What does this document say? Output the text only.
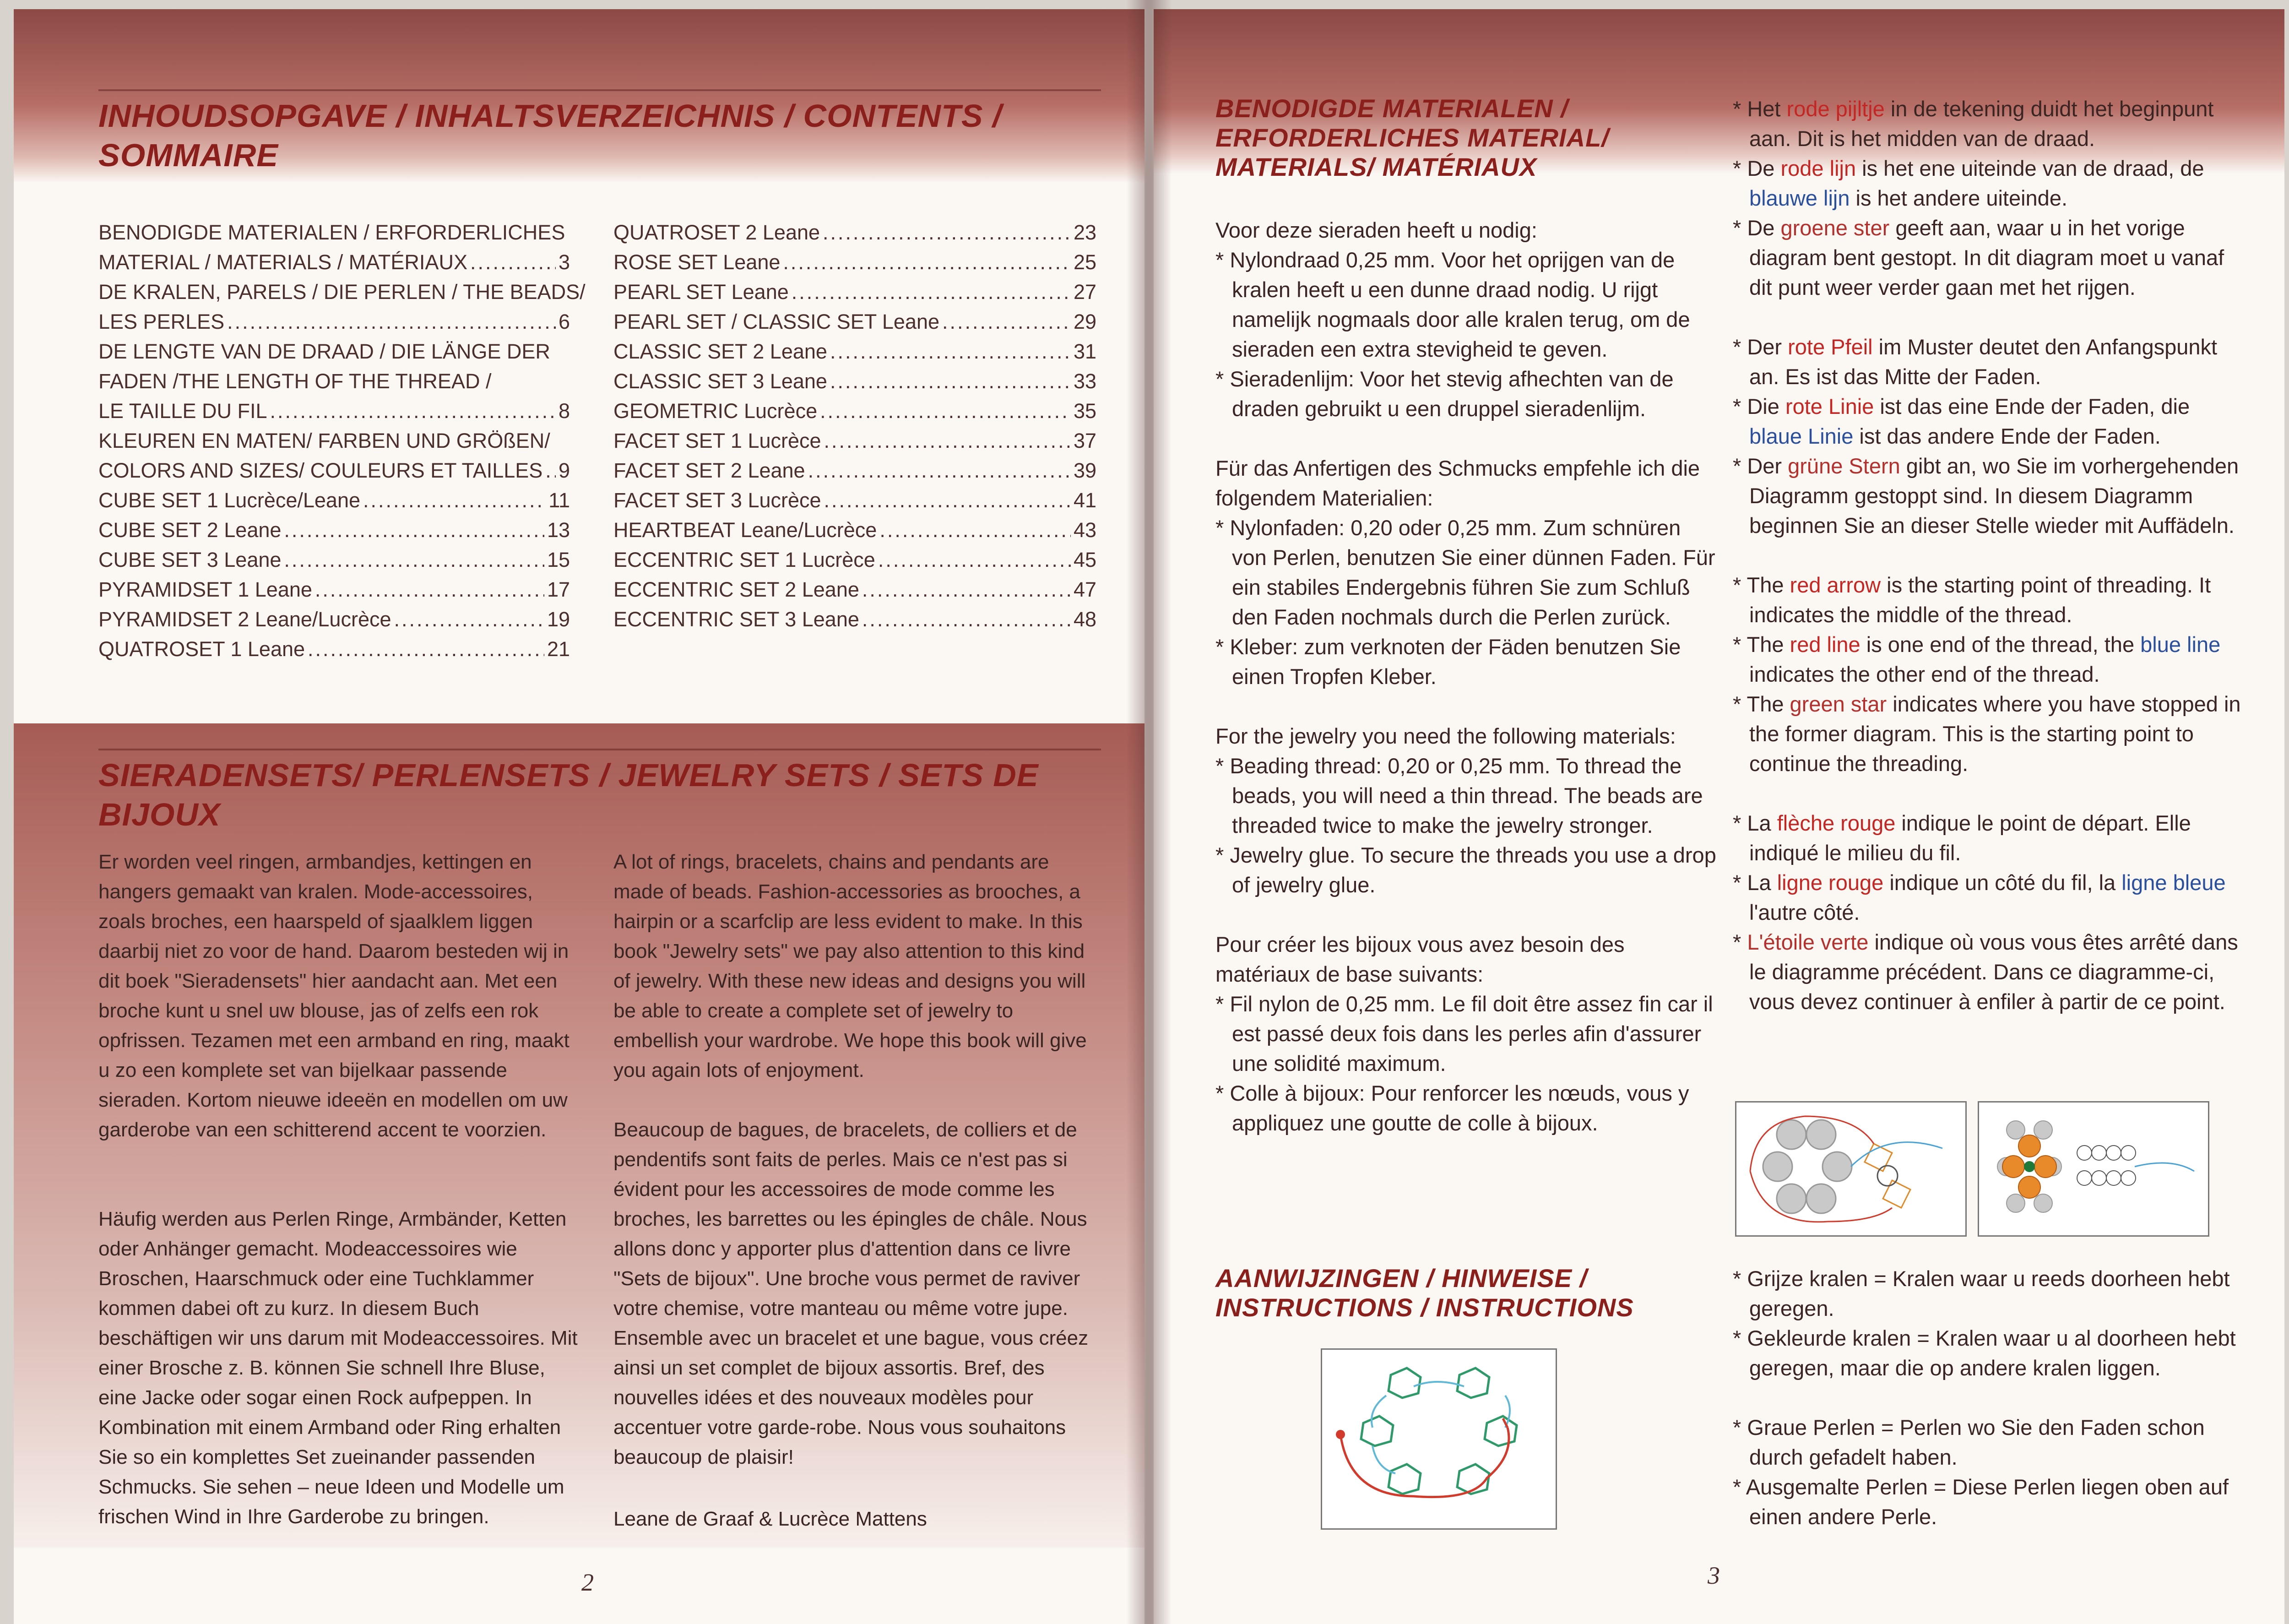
INHOUDSOPGAVE / INHALTSVERZEICHNIS / CONTENTS / SOMMAIRE
BENODIGDE MATERIALEN / ERFORDERLICHES
MATERIAL / MATERIALS / MATÉRIAUX .....	3
DE KRALEN, PARELS / DIE PERLEN / THE BEADS/
LES PERLES .....	6
DE LENGTE VAN DE DRAAD / DIE LÄNGE DER
FADEN /THE LENGTH OF THE THREAD /
LE TAILLE DU FIL .....	8
KLEUREN EN MATEN/ FARBEN UND GRÖßEN/
COLORS AND SIZES/ COULEURS ET TAILLES ..... 9
CUBE SET 1 Lucrèce/Leane .....	11
CUBE SET 2 Leane .....	13
CUBE SET 3 Leane .....	15
PYRAMIDSET 1 Leane .....	17
PYRAMIDSET 2 Leane/Lucrèce .....	19
QUATROSET 1 Leane .....	21
QUATROSET 2 Leane .....	23
ROSE SET Leane .....	25
PEARL SET Leane .....	27
PEARL SET / CLASSIC SET Leane .....	29
CLASSIC SET 2 Leane .....	31
CLASSIC SET 3 Leane .....	33
GEOMETRIC Lucrèce .....	35
FACET SET 1 Lucrèce .....	37
FACET SET 2 Leane .....	39
FACET SET 3 Lucrèce .....	41
HEARTBEAT Leane/Lucrèce .....	43
ECCENTRIC SET 1 Lucrèce .....	45
ECCENTRIC SET 2 Leane .....	47
ECCENTRIC SET 3 Leane .....	48
SIERADENSETS/ PERLENSETS / JEWELRY SETS / SETS DE BIJOUX

Er worden veel ringen, armbandjes, kettingen en hangers gemaakt van kralen. Mode-accessoires, zoals broches, een haarspeld of sjaalklem liggen daarbij niet zo voor de hand. Daarom besteden wij in dit boek "Sieradensets" hier aandacht aan. Met een broche kunt u snel uw blouse, jas of zelfs een rok opfrissen. Tezamen met een armband en ring, maakt u zo een komplete set van bijelkaar passende sieraden. Kortom nieuwe ideeën en modellen om uw garderobe van een schitterend accent te voorzien.

Häufig werden aus Perlen Ringe, Armbänder, Ketten oder Anhänger gemacht. Modeaccessoires wie Broschen, Haarschmuck oder eine Tuchklammer kommen dabei oft zu kurz. In diesem Buch beschäftigen wir uns darum mit Modeaccessoires. Mit einer Brosche z. B. können Sie schnell Ihre Bluse, eine Jacke oder sogar einen Rock aufpeppen. In Kombination mit einem Armband oder Ring erhalten Sie so ein komplettes Set zueinander passenden Schmucks. Sie sehen – neue Ideen und Modelle um frischen Wind in Ihre Garderobe zu bringen.

A lot of rings, bracelets, chains and pendants are made of beads. Fashion-accessories as brooches, a hairpin or a scarfclip are less evident to make. In this book "Jewelry sets" we pay also attention to this kind of jewelry. With these new ideas and designs you will be able to create a complete set of jewelry to embellish your wardrobe. We hope this book will give you again lots of enjoyment.

Beaucoup de bagues, de bracelets, de colliers et de pendentifs sont faits de perles. Mais ce n'est pas si évident pour les accessoires de mode comme les broches, les barrettes ou les épingles de châle. Nous allons donc y apporter plus d'attention dans ce livre "Sets de bijoux". Une broche vous permet de raviver votre chemise, votre manteau ou même votre jupe. Ensemble avec un bracelet et une bague, vous créez ainsi un set complet de bijoux assortis. Bref, des nouvelles idées et des nouveaux modèles pour accentuer votre garde-robe. Nous vous souhaitons beaucoup de plaisir!

Leane de Graaf & Lucrèce Mattens
2
BENODIGDE MATERIALEN / ERFORDERLICHES MATERIAL/ MATERIALS/ MATÉRIAUX
Voor deze sieraden heeft u nodig:
* Nylondraad 0,25 mm. Voor het oprijgen van de kralen heeft u een dunne draad nodig. U rijgt namelijk nogmaals door alle kralen terug, om de sieraden een extra stevigheid te geven.
* Sieradenlijm: Voor het stevig afhechten van de draden gebruikt u een druppel sieradenlijm.
Für das Anfertigen des Schmucks empfehle ich die folgendem Materialien:
* Nylonfaden: 0,20 oder 0,25 mm. Zum schnüren von Perlen, benutzen Sie einer dünnen Faden. Für ein stabiles Endergebnis führen Sie zum Schluß den Faden nochmals durch die Perlen zurück.
* Kleber: zum verknoten der Fäden benutzen Sie einen Tropfen Kleber.
For the jewelry you need the following materials:
* Beading thread: 0,20 or 0,25 mm. To thread the beads, you will need a thin thread. The beads are threaded twice to make the jewelry stronger.
* Jewelry glue. To secure the threads you use a drop of jewelry glue.
Pour créer les bijoux vous avez besoin des matériaux de base suivants:
* Fil nylon de 0,25 mm. Le fil doit être assez fin car il est passé deux fois dans les perles afin d'assurer une solidité maximum.
* Colle à bijoux: Pour renforcer les nœuds, vous y appliquez une goutte de colle à bijoux.
AANWIJZINGEN / HINWEISE / INSTRUCTIONS / INSTRUCTIONS
* Het rode pijltje in de tekening duidt het beginpunt aan. Dit is het midden van de draad.
* De rode lijn is het ene uiteinde van de draad, de blauwe lijn is het andere uiteinde.
* De groene ster geeft aan, waar u in het vorige diagram bent gestopt. In dit diagram moet u vanaf dit punt weer verder gaan met het rijgen.
* Der rote Pfeil im Muster deutet den Anfangspunkt an. Es ist das Mitte der Faden.
* Die rote Linie ist das eine Ende der Faden, die blaue Linie ist das andere Ende der Faden.
* Der grüne Stern gibt an, wo Sie im vorhergehenden Diagramm gestoppt sind. In diesem Diagramm beginnen Sie an dieser Stelle wieder mit Auffädeln.
* The red arrow is the starting point of threading. It indicates the middle of the thread.
* The red line is one end of the thread, the blue line indicates the other end of the thread.
* The green star indicates where you have stopped in the former diagram. This is the starting point to continue the threading.
* La flèche rouge indique le point de départ. Elle indiqué le milieu du fil.
* La ligne rouge indique un côté du fil, la ligne bleue l'autre côté.
* L'étoile verte indique où vous vous êtes arrêté dans le diagramme précédent. Dans ce diagramme-ci, vous devez continuer à enfiler à partir de ce point.
* Grijze kralen = Kralen waar u reeds doorheen hebt geregen.
* Gekleurde kralen = Kralen waar u al doorheen hebt geregen, maar die op andere kralen liggen.
* Graue Perlen = Perlen wo Sie den Faden schon durch gefadelt haben.
* Ausgemalte Perlen = Diese Perlen liegen oben auf einen andere Perle.
3
